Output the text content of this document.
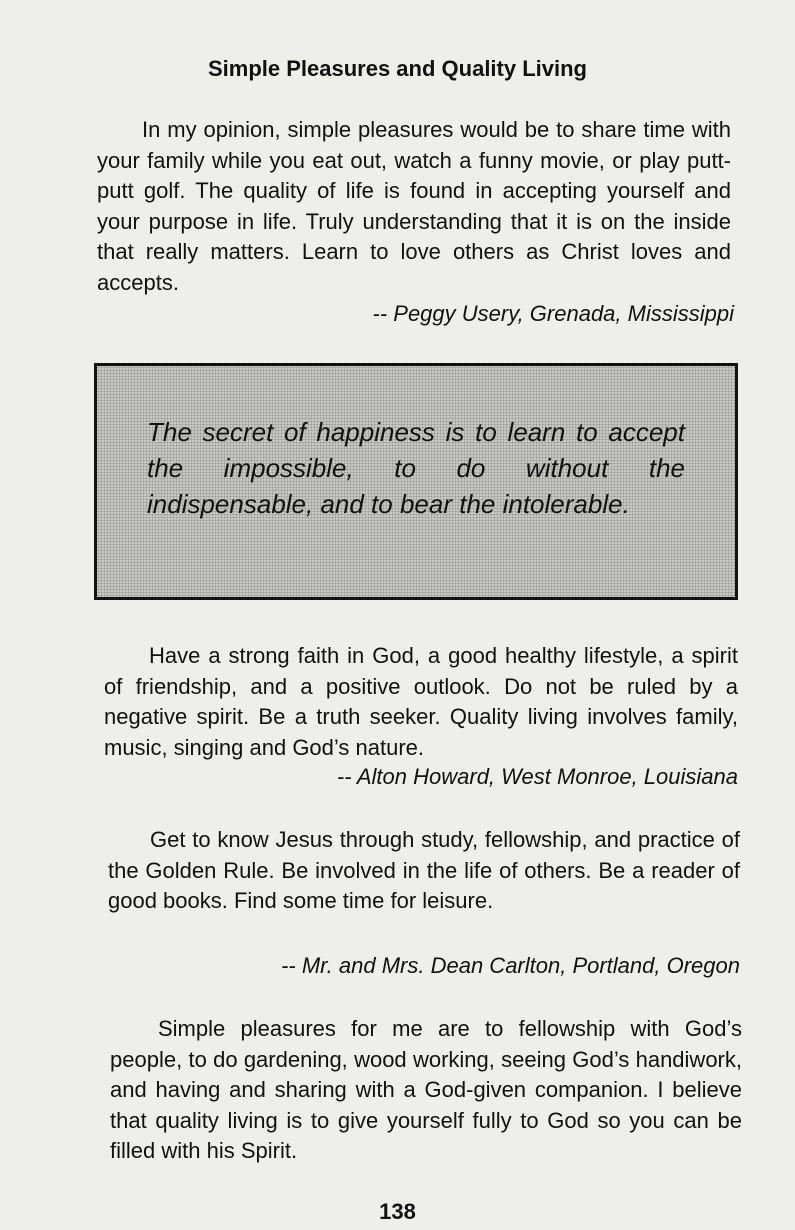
Simple Pleasures and Quality Living
In my opinion, simple pleasures would be to share time with your family while you eat out, watch a funny movie, or play putt-putt golf. The quality of life is found in accepting yourself and your purpose in life. Truly understanding that it is on the inside that really matters. Learn to love others as Christ loves and accepts.
-- Peggy Usery, Grenada, Mississippi
The secret of happiness is to learn to accept the impossible, to do without the indispensable, and to bear the intolerable.
Have a strong faith in God, a good healthy lifestyle, a spirit of friendship, and a positive outlook. Do not be ruled by a negative spirit. Be a truth seeker. Quality living involves family, music, singing and God’s nature.
-- Alton Howard, West Monroe, Louisiana
Get to know Jesus through study, fellowship, and practice of the Golden Rule. Be involved in the life of others. Be a reader of good books. Find some time for leisure.
-- Mr. and Mrs. Dean Carlton, Portland, Oregon
Simple pleasures for me are to fellowship with God’s people, to do gardening, wood working, seeing God’s handiwork, and having and sharing with a God-given companion. I believe that quality living is to give yourself fully to God so you can be filled with his Spirit.
138
